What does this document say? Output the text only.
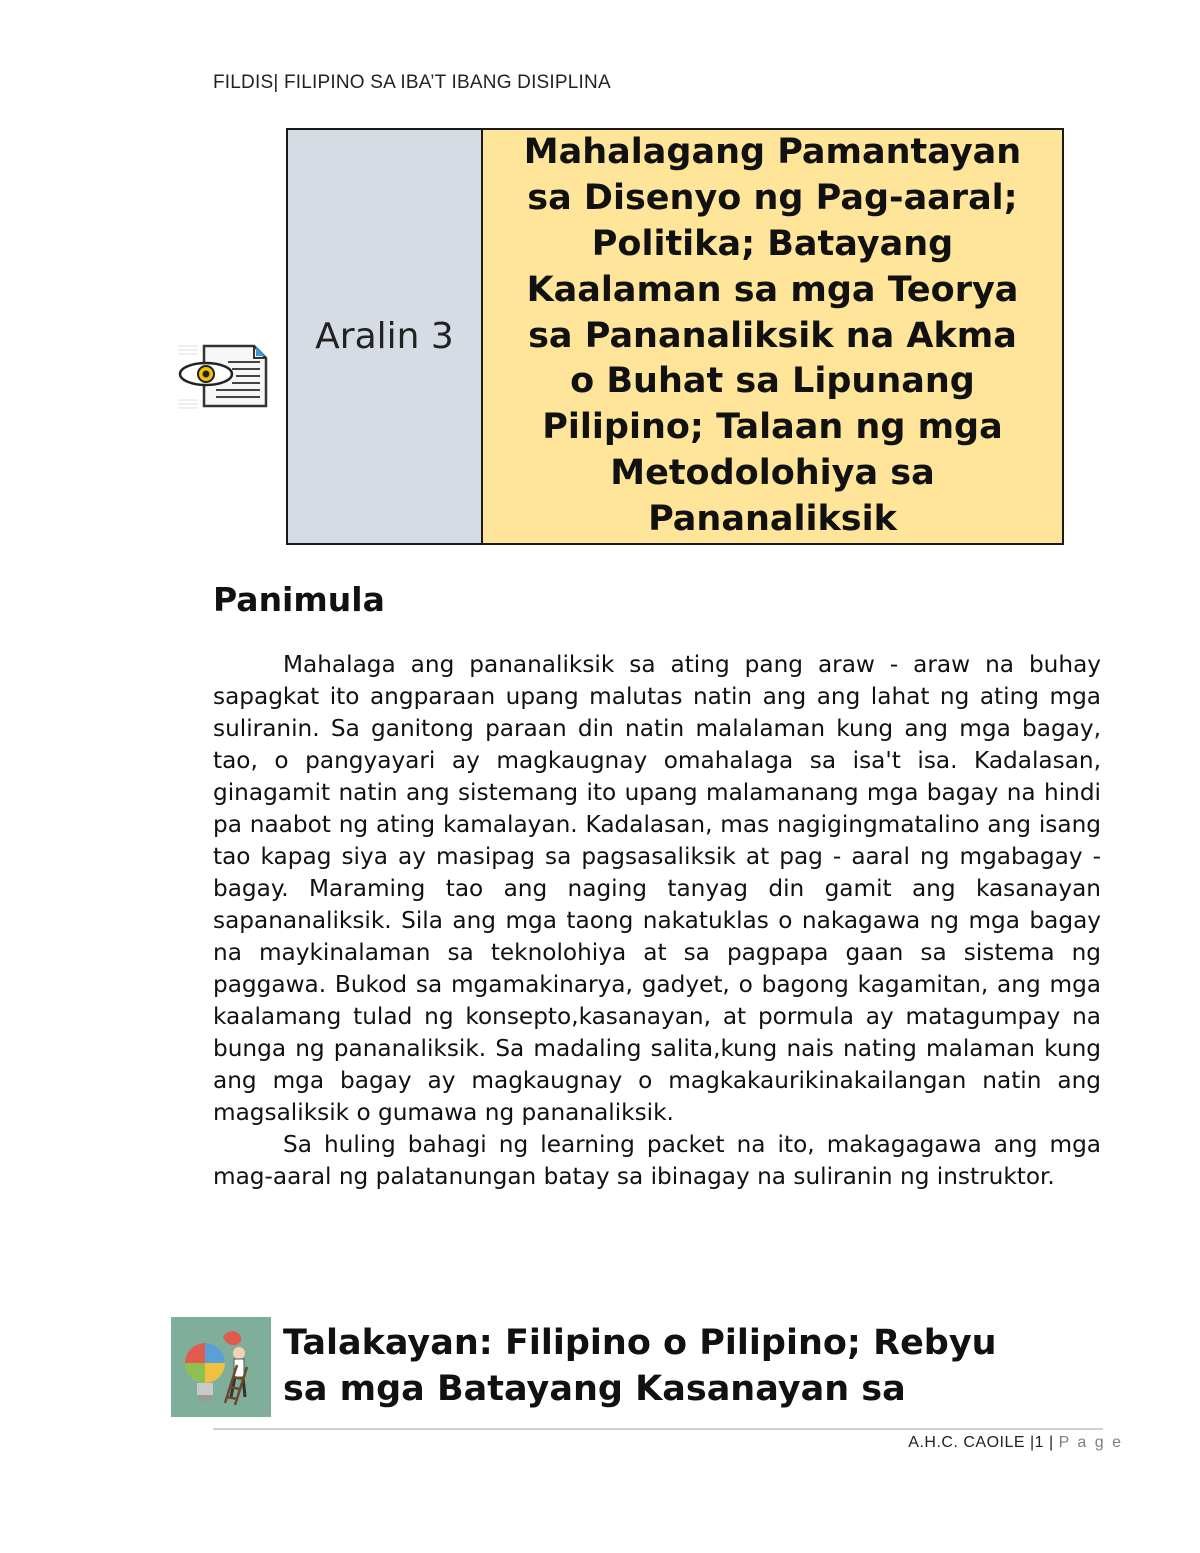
FILDIS| FILIPINO SA IBA’T IBANG DISIPLINA
Aralin 3
Mahalagang Pamantayan
sa Disenyo ng Pag-aaral;
Politika; Batayang
Kaalaman sa mga Teorya
sa Pananaliksik na Akma
o Buhat sa Lipunang
Pilipino; Talaan ng mga
Metodolohiya sa
Pananaliksik
Panimula

Mahalaga ang pananaliksik sa ating pang araw - araw na buhay sapagkat ito angparaan upang malutas natin ang ang lahat ng ating mga suliranin. Sa ganitong paraan din natin malalaman kung ang mga bagay, tao, o pangyayari ay magkaugnay omahalaga sa isa't isa. Kadalasan, ginagamit natin ang sistemang ito upang malamanang mga bagay na hindi pa naabot ng ating kamalayan. Kadalasan, mas nagigingmatalino ang isang tao kapag siya ay masipag sa pagsasaliksik at pag - aaral ng mgabagay - bagay. Maraming tao ang naging tanyag din gamit ang kasanayan sapananaliksik. Sila ang mga taong nakatuklas o nakagawa ng mga bagay na maykinalaman sa teknolohiya at sa pagpapa gaan sa sistema ng paggawa. Bukod sa mgamakinarya, gadyet, o bagong kagamitan, ang mga kaalamang tulad ng konsepto,kasanayan, at pormula ay matagumpay na bunga ng pananaliksik. Sa madaling salita,kung nais nating malaman kung ang mga bagay ay magkaugnay o magkakaurikinakailangan natin ang magsaliksik o gumawa ng pananaliksik.

Sa huling bahagi ng learning packet na ito, makagagawa ang mga mag-aaral ng palatanungan batay sa ibinagay na suliranin ng instruktor.

Talakayan: Filipino o Pilipino; Rebyu
sa mga Batayang Kasanayan sa
A.H.C. CAOILE |1 | P a g e
